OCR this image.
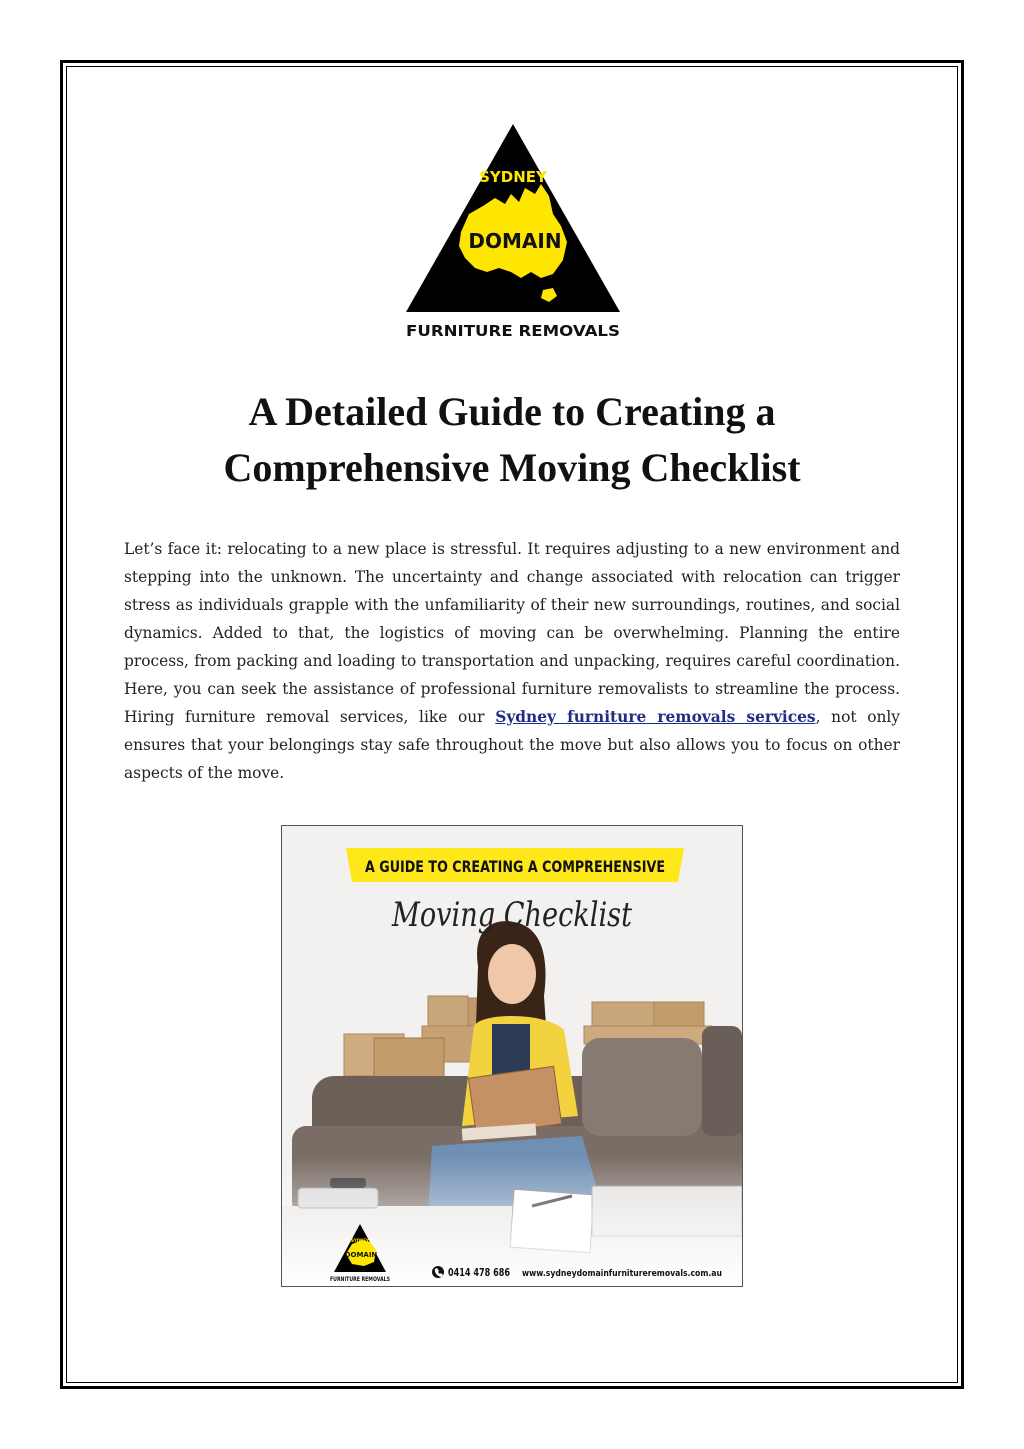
SYDNEY
DOMAIN
FURNITURE REMOVALS
A Detailed Guide to Creating a
Comprehensive Moving Checklist

Let’s face it: relocating to a new place is stressful. It requires adjusting to a new environment and stepping into the unknown. The uncertainty and change associated with relocation can trigger stress as individuals grapple with the unfamiliarity of their new surroundings, routines, and social dynamics. Added to that, the logistics of moving can be overwhelming. Planning the entire process, from packing and loading to transportation and unpacking, requires careful coordination. Here, you can seek the assistance of professional furniture removalists to streamline the process. Hiring furniture removal services, like our Sydney furniture removals services, not only ensures that your belongings stay safe throughout the move but also allows you to focus on other aspects of the move.

A GUIDE TO CREATING A COMPREHENSIVE
Moving Checklist
SYDNEY
DOMAIN
FURNITURE REMOVALS
0414 478 686 www.sydneydomainfurnitureremovals.com.au
